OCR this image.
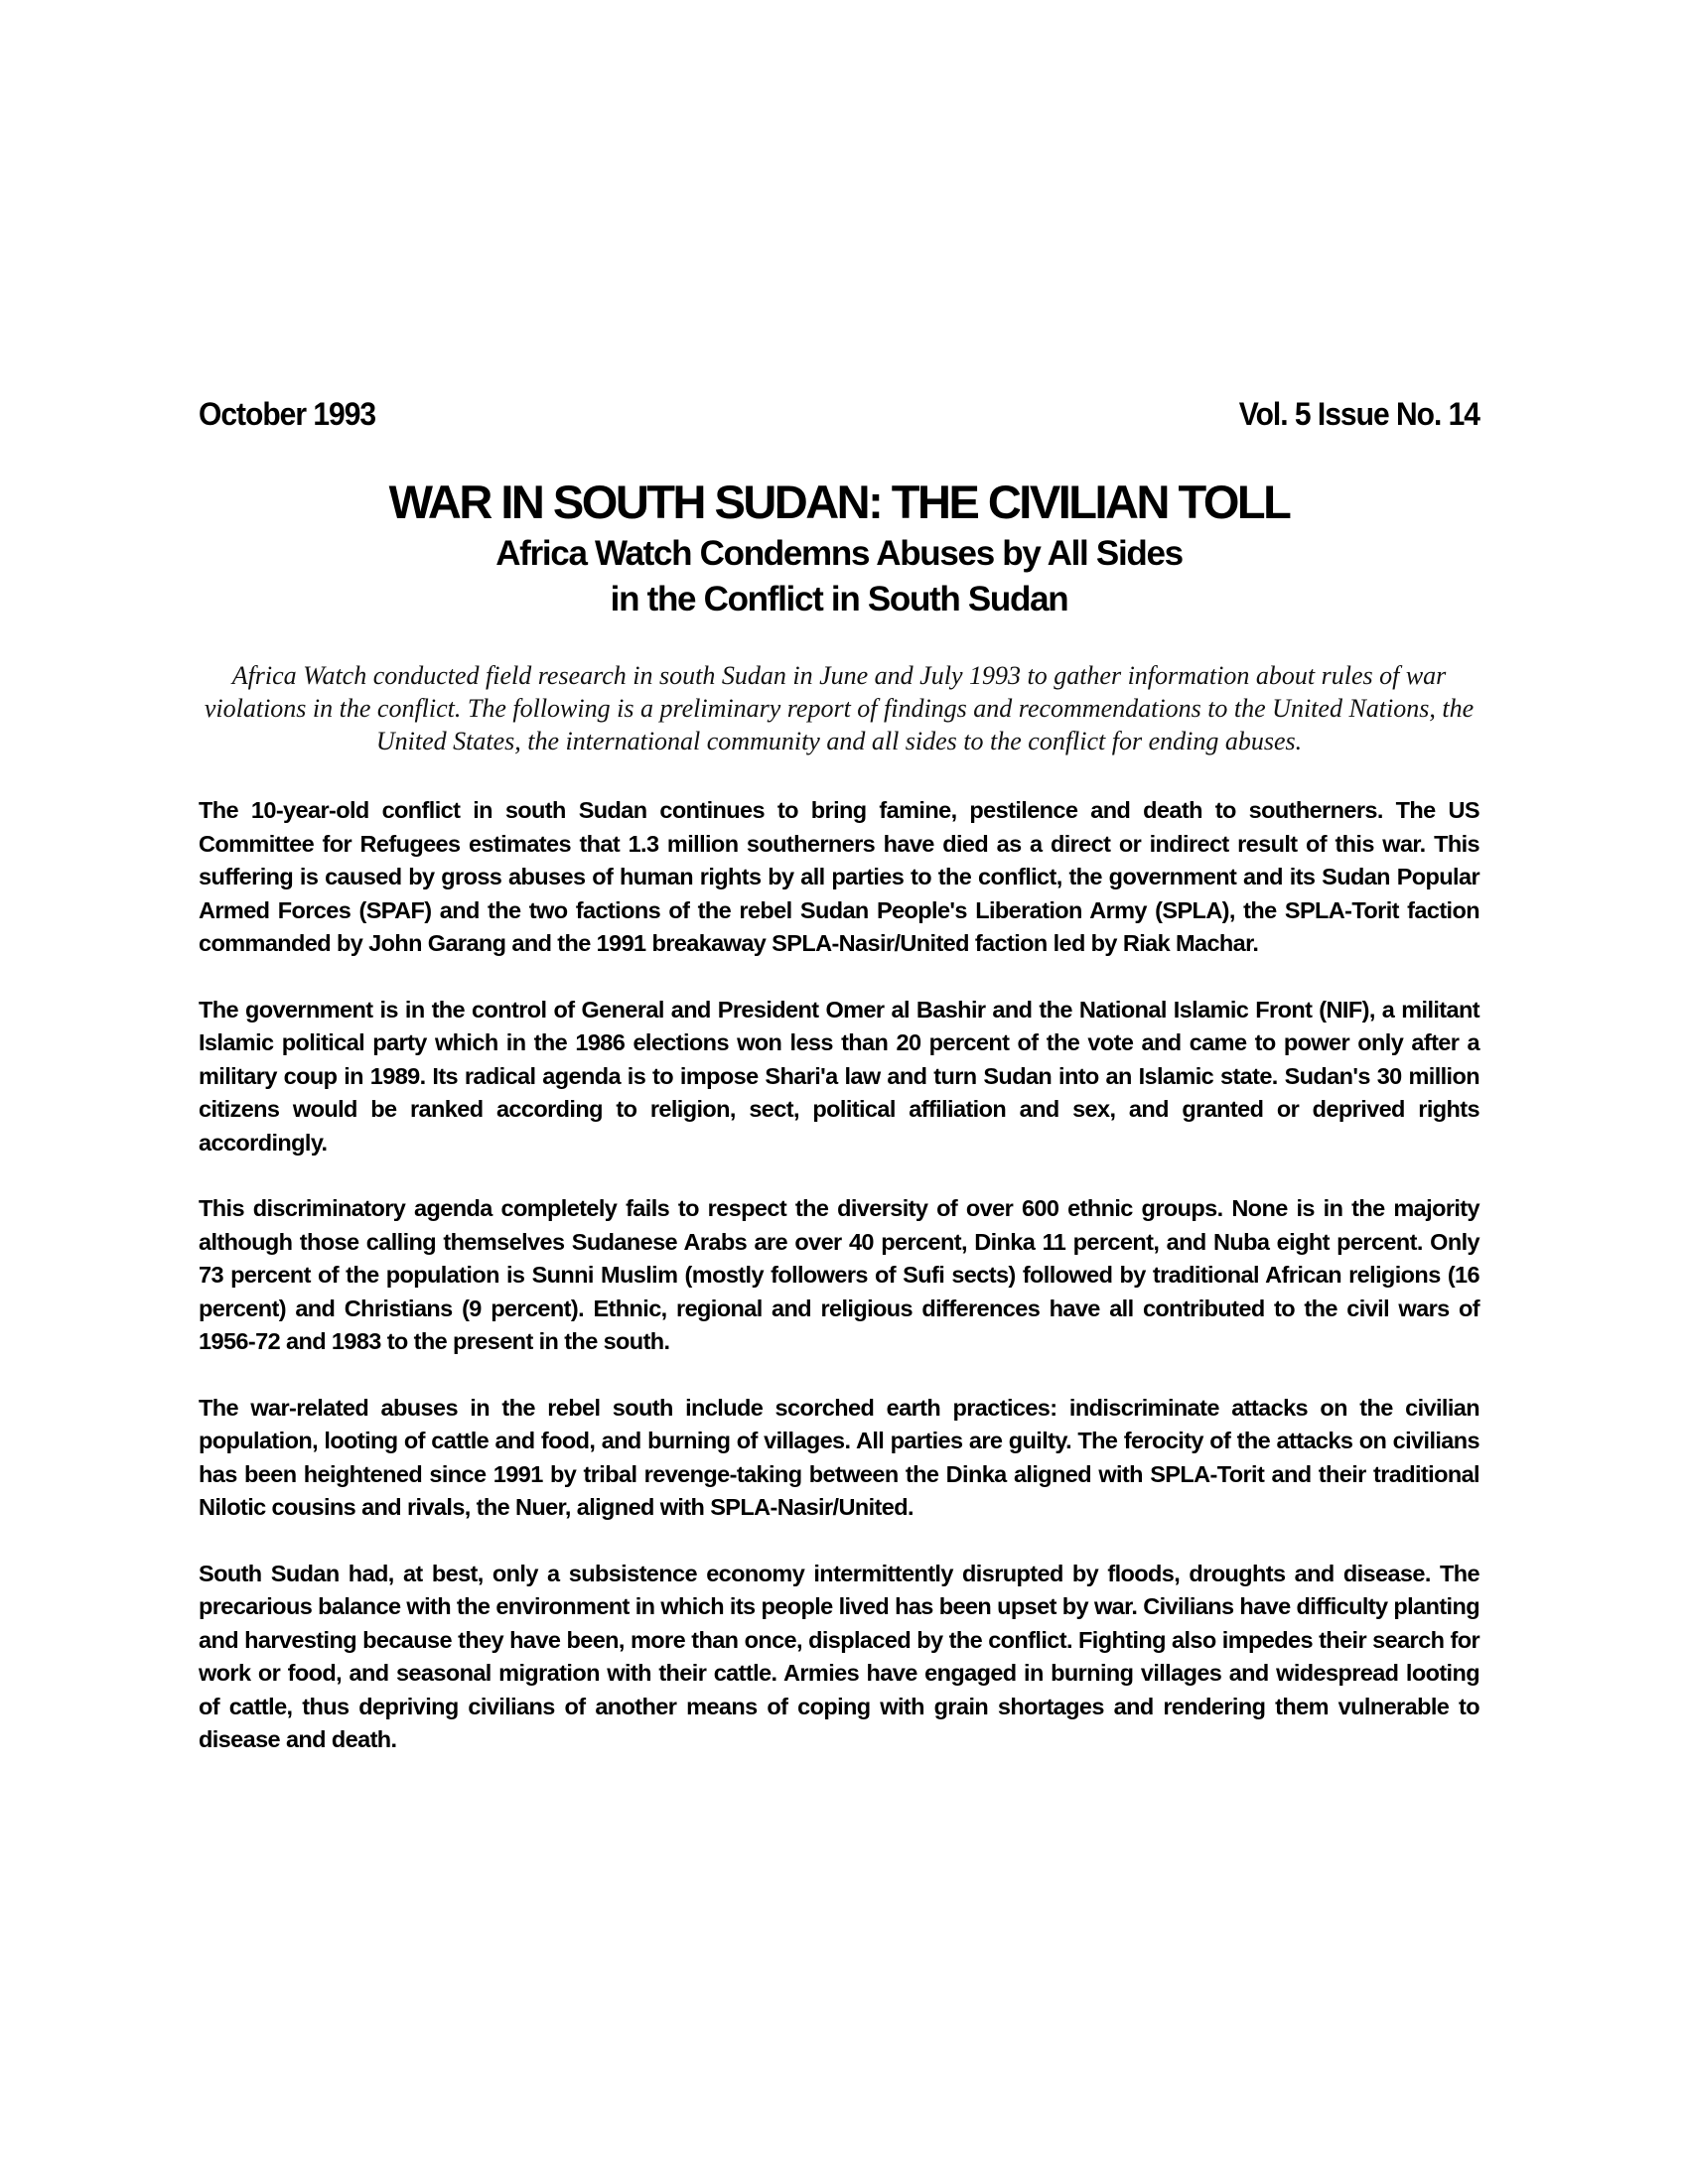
October 1993	Vol. 5 Issue No. 14
WAR IN SOUTH SUDAN: THE CIVILIAN TOLL
Africa Watch Condemns Abuses by All Sides
in the Conflict in South Sudan

Africa Watch conducted field research in south Sudan in June and July 1993 to gather information about rules of war violations in the conflict. The following is a preliminary report of findings and recommendations to the United Nations, the United States, the international community and all sides to the conflict for ending abuses.

The 10-year-old conflict in south Sudan continues to bring famine, pestilence and death to southerners. The US Committee for Refugees estimates that 1.3 million southerners have died as a direct or indirect result of this war. This suffering is caused by gross abuses of human rights by all parties to the conflict, the government and its Sudan Popular Armed Forces (SPAF) and the two factions of the rebel Sudan People's Liberation Army (SPLA), the SPLA-Torit faction commanded by John Garang and the 1991 breakaway SPLA-Nasir/United faction led by Riak Machar.

The government is in the control of General and President Omer al Bashir and the National Islamic Front (NIF), a militant Islamic political party which in the 1986 elections won less than 20 percent of the vote and came to power only after a military coup in 1989. Its radical agenda is to impose Shari'a law and turn Sudan into an Islamic state. Sudan's 30 million citizens would be ranked according to religion, sect, political affiliation and sex, and granted or deprived rights accordingly.

This discriminatory agenda completely fails to respect the diversity of over 600 ethnic groups. None is in the majority although those calling themselves Sudanese Arabs are over 40 percent, Dinka 11 percent, and Nuba eight percent. Only 73 percent of the population is Sunni Muslim (mostly followers of Sufi sects) followed by traditional African religions (16 percent) and Christians (9 percent). Ethnic, regional and religious differences have all contributed to the civil wars of 1956-72 and 1983 to the present in the south.

The war-related abuses in the rebel south include scorched earth practices: indiscriminate attacks on the civilian population, looting of cattle and food, and burning of villages. All parties are guilty. The ferocity of the attacks on civilians has been heightened since 1991 by tribal revenge-taking between the Dinka aligned with SPLA-Torit and their traditional Nilotic cousins and rivals, the Nuer, aligned with SPLA-Nasir/United.

South Sudan had, at best, only a subsistence economy intermittently disrupted by floods, droughts and disease. The precarious balance with the environment in which its people lived has been upset by war. Civilians have difficulty planting and harvesting because they have been, more than once, displaced by the conflict. Fighting also impedes their search for work or food, and seasonal migration with their cattle. Armies have engaged in burning villages and widespread looting of cattle, thus depriving civilians of another means of coping with grain shortages and rendering them vulnerable to disease and death.
